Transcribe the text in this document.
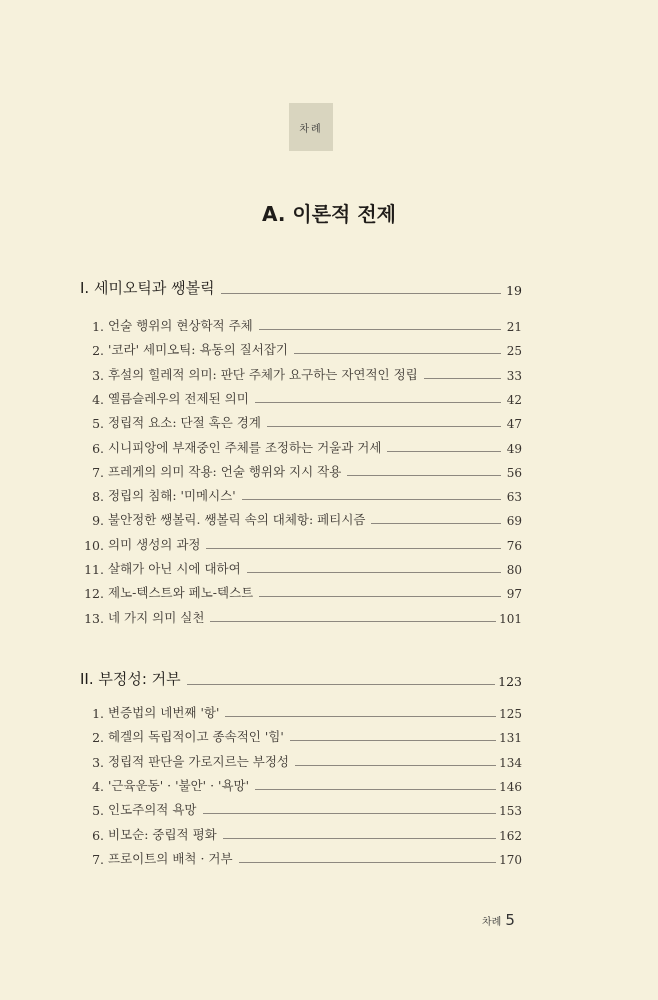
차례
A. 이론적 전제
I. 세미오틱과 쌩볼릭	19
1. 언술 행위의 현상학적 주체	21
2. '코라' 세미오틱: 욕동의 질서잡기	25
3. 후설의 힐레적 의미: 판단 주체가 요구하는 자연적인 정립	33
4. 옐름슬레우의 전제된 의미	42
5. 정립적 요소: 단절 혹은 경계	47
6. 시니피앙에 부재중인 주체를 조정하는 거울과 거세	49
7. 프레게의 의미 작용: 언술 행위와 지시 작용	56
8. 정립의 침해: '미메시스'	63
9. 불안정한 쌩볼릭. 쌩볼릭 속의 대체항: 페티시즘	69
10. 의미 생성의 과정	76
11. 살해가 아닌 시에 대하여	80
12. 제노-텍스트와 페노-텍스트	97
13. 네 가지 의미 실천	101
II. 부정성: 거부	123
1. 변증법의 네번째 '항'	125
2. 헤겔의 독립적이고 종속적인 '힘'	131
3. 정립적 판단을 가로지르는 부정성	134
4. '근육운동' · '불안' · '욕망'	146
5. 인도주의적 욕망	153
6. 비모순: 중립적 평화	162
7. 프로이트의 배척 · 거부	170
차례 5
